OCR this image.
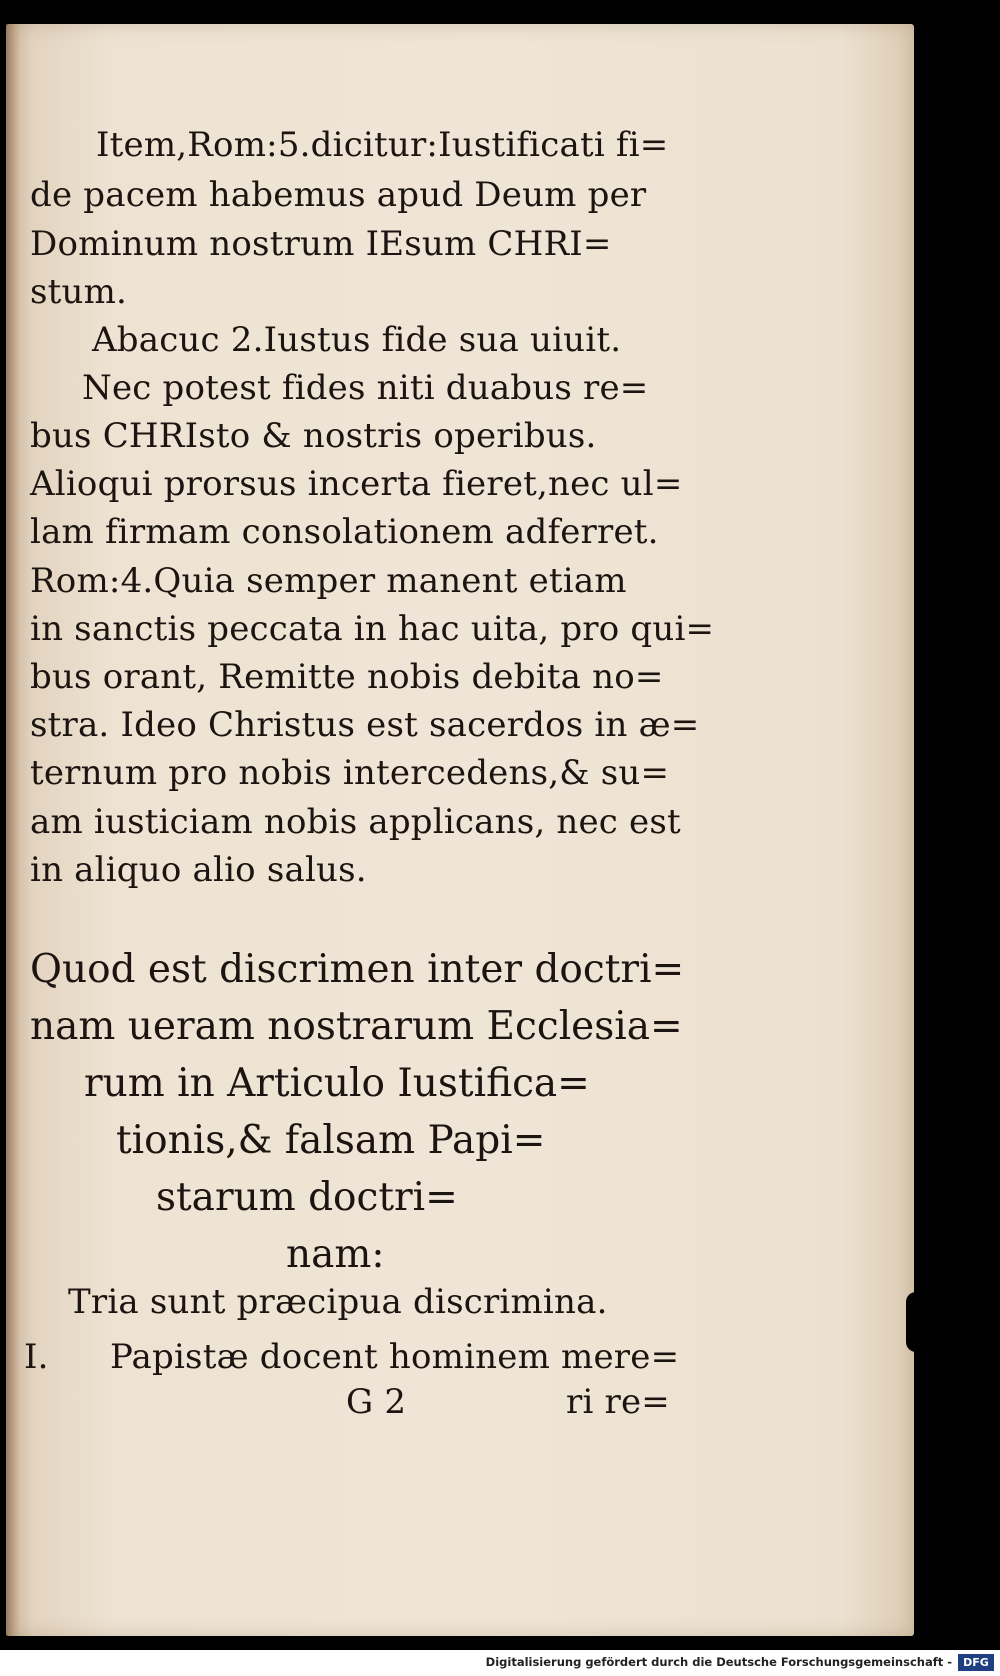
Item,Rom:5.dicitur:Iustificati fi=
de pacem habemus apud Deum per
Dominum nostrum IEsum CHRI=
stum.
Abacuc 2.Iustus fide sua uiuit.
Nec potest fides niti duabus re=
bus CHRIsto & nostris operibus.
Alioqui prorsus incerta fieret,nec ul=
lam firmam consolationem adferret.
Rom:4.Quia semper manent etiam
in sanctis peccata in hac uita, pro qui=
bus orant, Remitte nobis debita no=
stra. Ideo Christus est sacerdos in æ=
ternum pro nobis intercedens,& su=
am iusticiam nobis applicans, nec est
in aliquo alio salus.
Quod est discrimen inter doctri=
nam ueram nostrarum Ecclesia=
rum in Articulo Iustifica=
tionis,& falsam Papi=
starum doctri=
nam:
Tria sunt præcipua discrimina.
I. Papistæ docent hominem mere=
G 2	ri re=
Digitalisierung gefördert durch die Deutsche Forschungsgemeinschaft -	DFG
